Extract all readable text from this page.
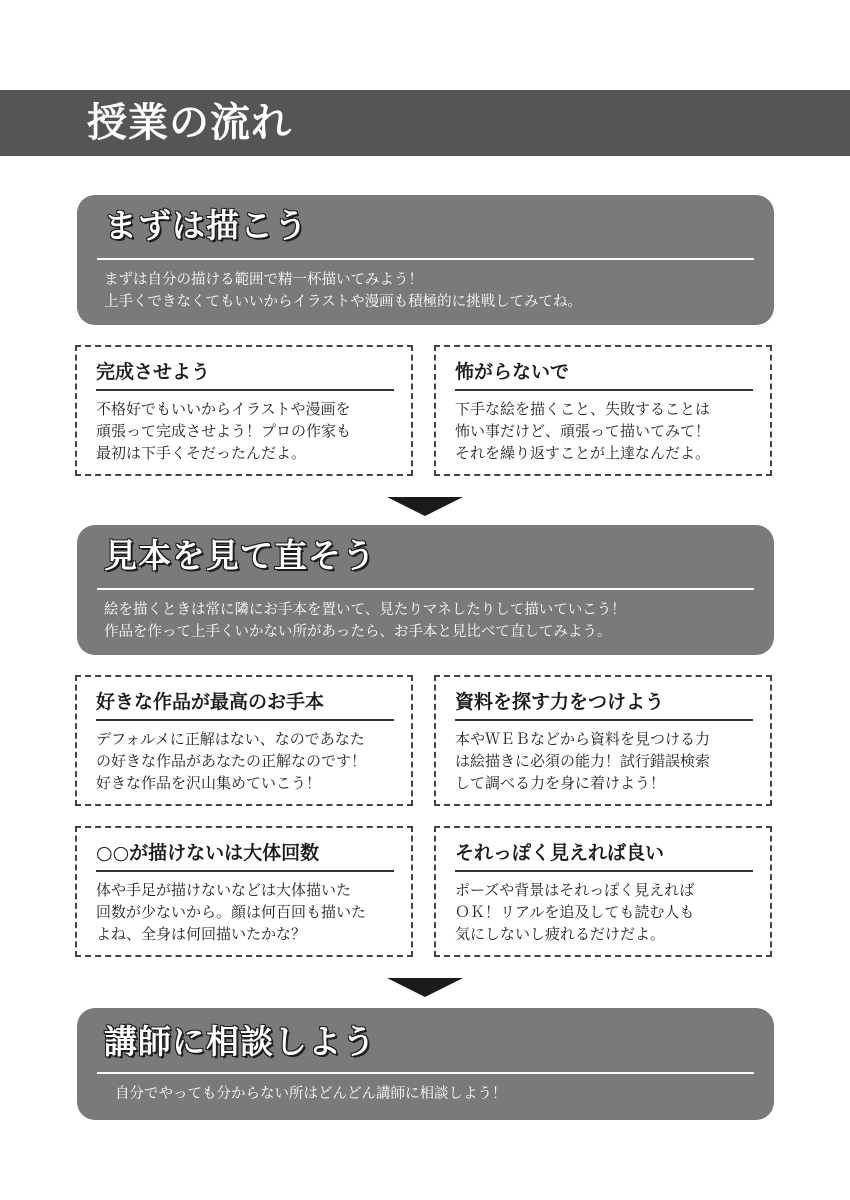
授業の流れ
まずは描こう

まずは自分の描ける範囲で精一杯描いてみよう！
上手くできなくてもいいからイラストや漫画も積極的に挑戦してみてね。

完成させよう

不格好でもいいからイラストや漫画を
頑張って完成させよう！プロの作家も
最初は下手くそだったんだよ。

怖がらないで

下手な絵を描くこと、失敗することは
怖い事だけど、頑張って描いてみて！
それを繰り返すことが上達なんだよ。

見本を見て直そう

絵を描くときは常に隣にお手本を置いて、見たりマネしたりして描いていこう！
作品を作って上手くいかない所があったら、お手本と見比べて直してみよう。

好きな作品が最高のお手本

デフォルメに正解はない、なのであなた
の好きな作品があなたの正解なのです！
好きな作品を沢山集めていこう！

資料を探す力をつけよう

本やＷＥＢなどから資料を見つける力
は絵描きに必須の能力！試行錯誤検索
して調べる力を身に着けよう！

○○が描けないは大体回数

体や手足が描けないなどは大体描いた
回数が少ないから。顔は何百回も描いた
よね、全身は何回描いたかな？

それっぽく見えれば良い

ポーズや背景はそれっぽく見えれば
ＯＫ！リアルを追及しても読む人も
気にしないし疲れるだけだよ。

講師に相談しよう

自分でやっても分からない所はどんどん講師に相談しよう！
